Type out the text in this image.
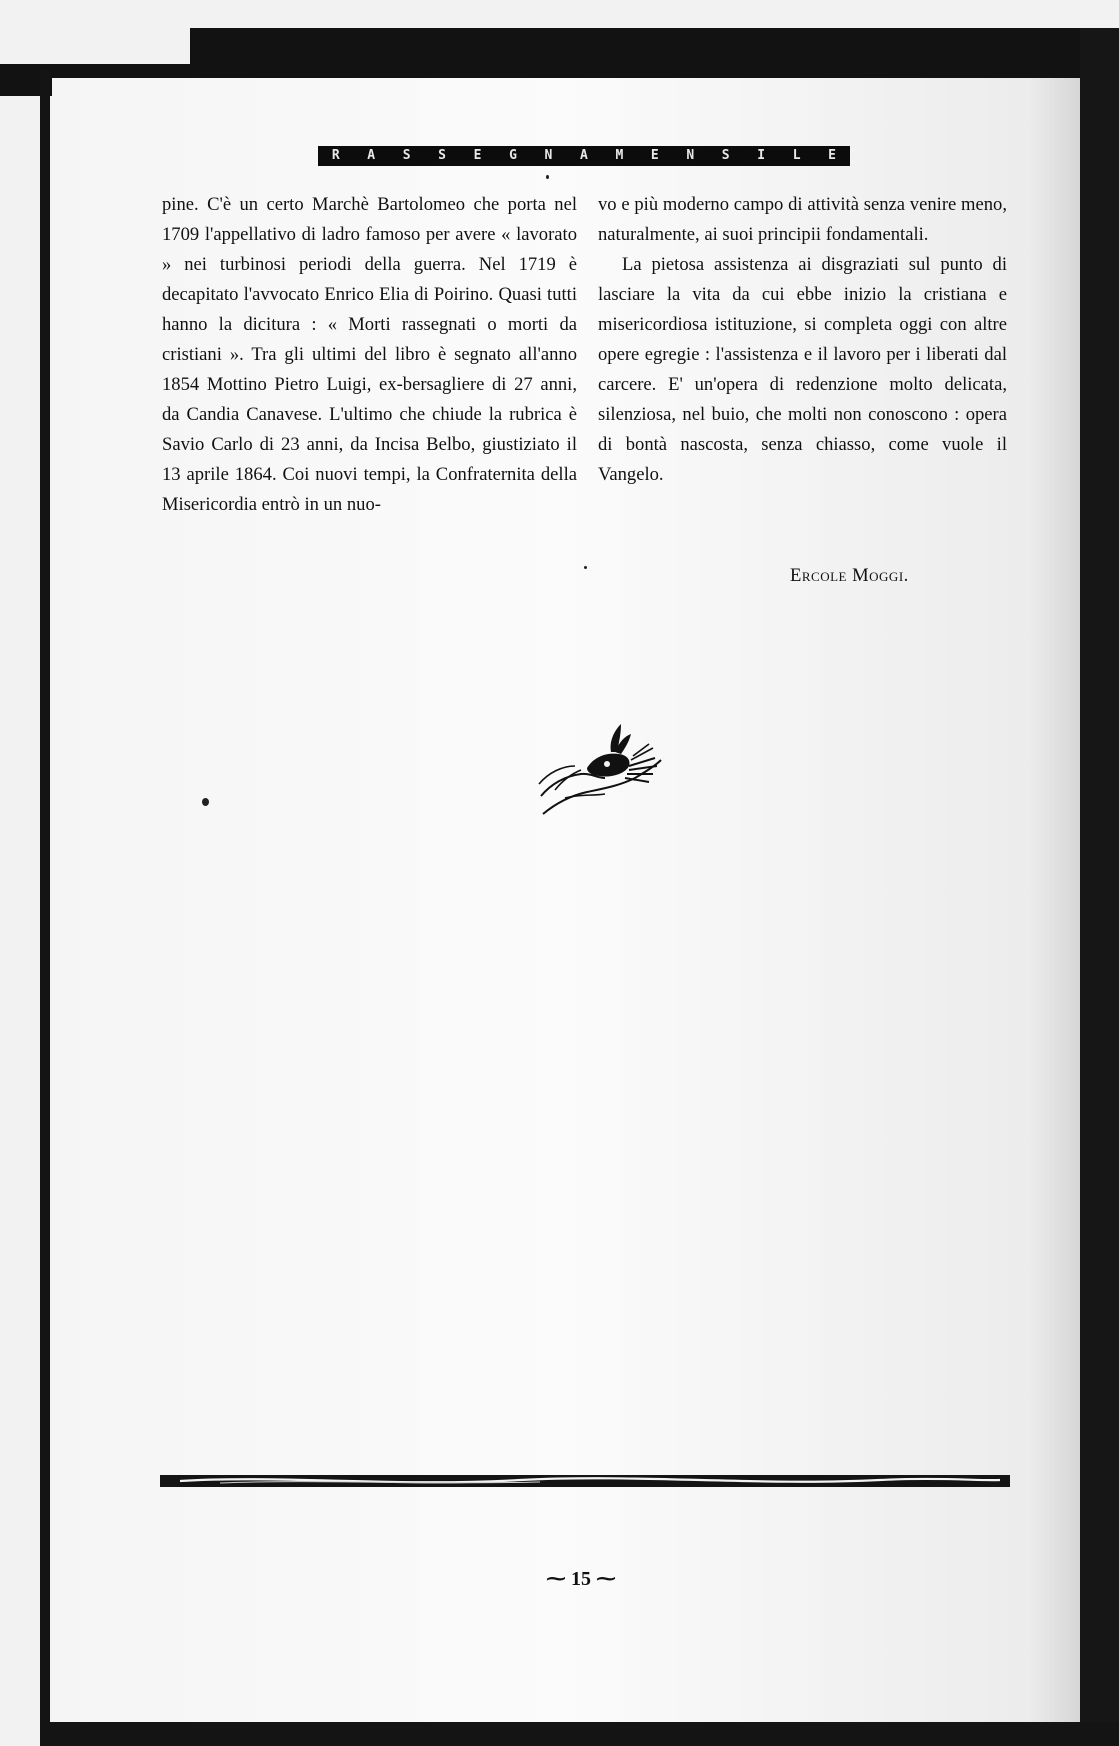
R A S S E G N A M E N S I L E

pine. C'è un certo Marchè Bartolomeo che porta nel 1709 l'appellativo di ladro famoso per avere « lavorato » nei turbinosi periodi della guerra. Nel 1719 è decapitato l'avvocato Enrico Elia di Poirino. Quasi tutti hanno la dicitura : « Morti rassegnati o morti da cristiani ». Tra gli ultimi del libro è segnato all'anno 1854 Mottino Pietro Luigi, ex-bersagliere di 27 anni, da Candia Canavese. L'ultimo che chiude la rubrica è Savio Carlo di 23 anni, da Incisa Belbo, giustiziato il 13 aprile 1864. Coi nuovi tempi, la Confraternita della Misericordia entrò in un nuo-

vo e più moderno campo di attività senza venire meno, naturalmente, ai suoi principii fondamentali.

La pietosa assistenza ai disgraziati sul punto di lasciare la vita da cui ebbe inizio la cristiana e misericordiosa istituzione, si completa oggi con altre opere egregie : l'assistenza e il lavoro per i liberati dal carcere. E' un'opera di redenzione molto delicata, silenziosa, nel buio, che molti non conoscono : opera di bontà nascosta, senza chiasso, come vuole il Vangelo.

Ercole Moggi.
⁓ 15 ⁓
